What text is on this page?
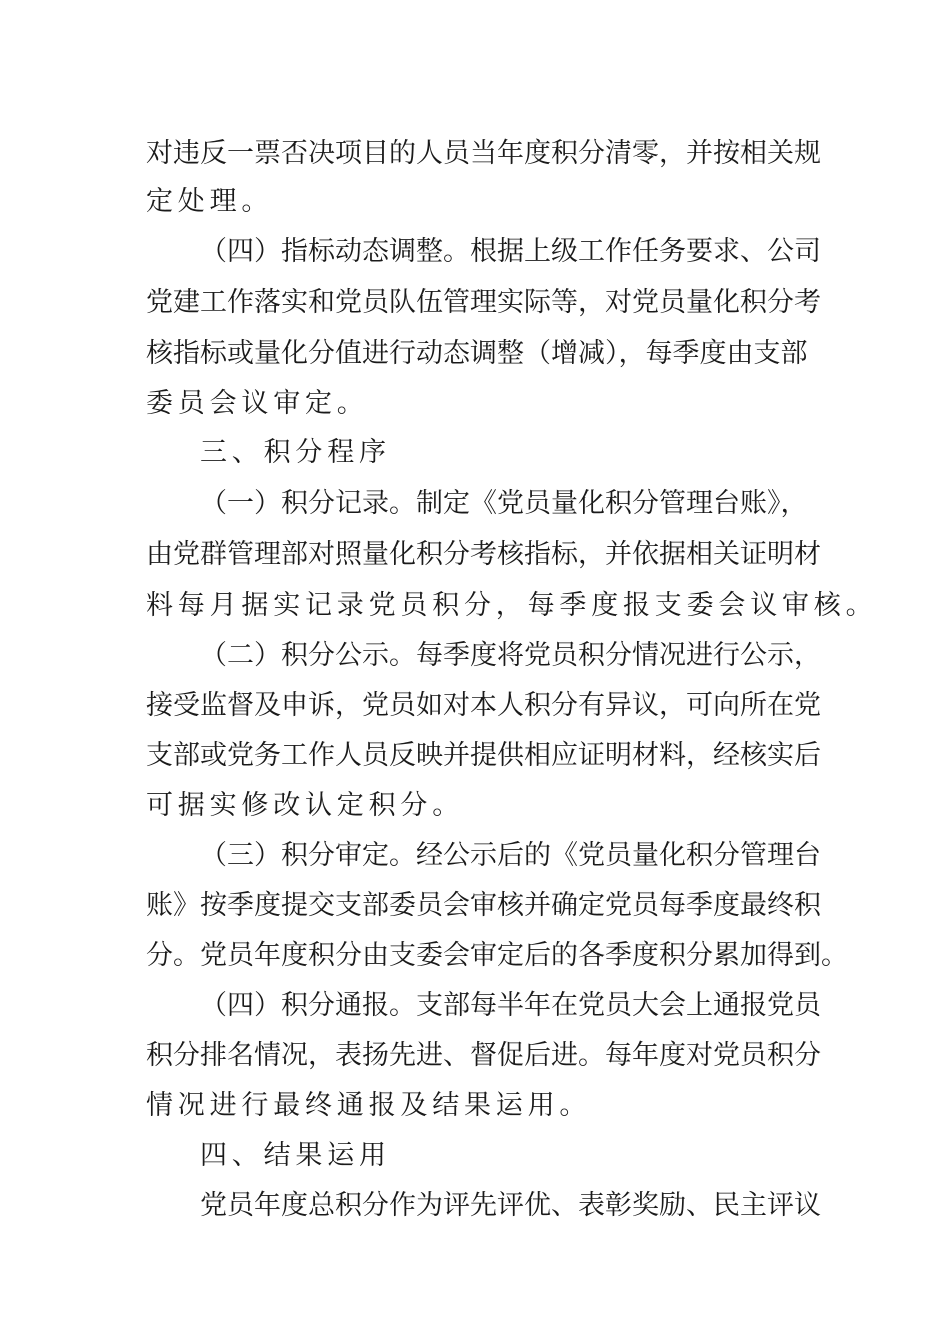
对违反一票否决项目的人员当年度积分清零，并按相关规
定处理。
（四）指标动态调整。根据上级工作任务要求、公司
党建工作落实和党员队伍管理实际等，对党员量化积分考
核指标或量化分值进行动态调整（增减），每季度由支部
委员会议审定。
三、积分程序
（一）积分记录。制定《党员量化积分管理台账》，
由党群管理部对照量化积分考核指标，并依据相关证明材
料每月据实记录党员积分，每季度报支委会议审核。
（二）积分公示。每季度将党员积分情况进行公示，
接受监督及申诉，党员如对本人积分有异议，可向所在党
支部或党务工作人员反映并提供相应证明材料，经核实后
可据实修改认定积分。
（三）积分审定。经公示后的《党员量化积分管理台
账》按季度提交支部委员会审核并确定党员每季度最终积
分。党员年度积分由支委会审定后的各季度积分累加得到。
（四）积分通报。支部每半年在党员大会上通报党员
积分排名情况，表扬先进、督促后进。每年度对党员积分
情况进行最终通报及结果运用。
四、结果运用
党员年度总积分作为评先评优、表彰奖励、民主评议
